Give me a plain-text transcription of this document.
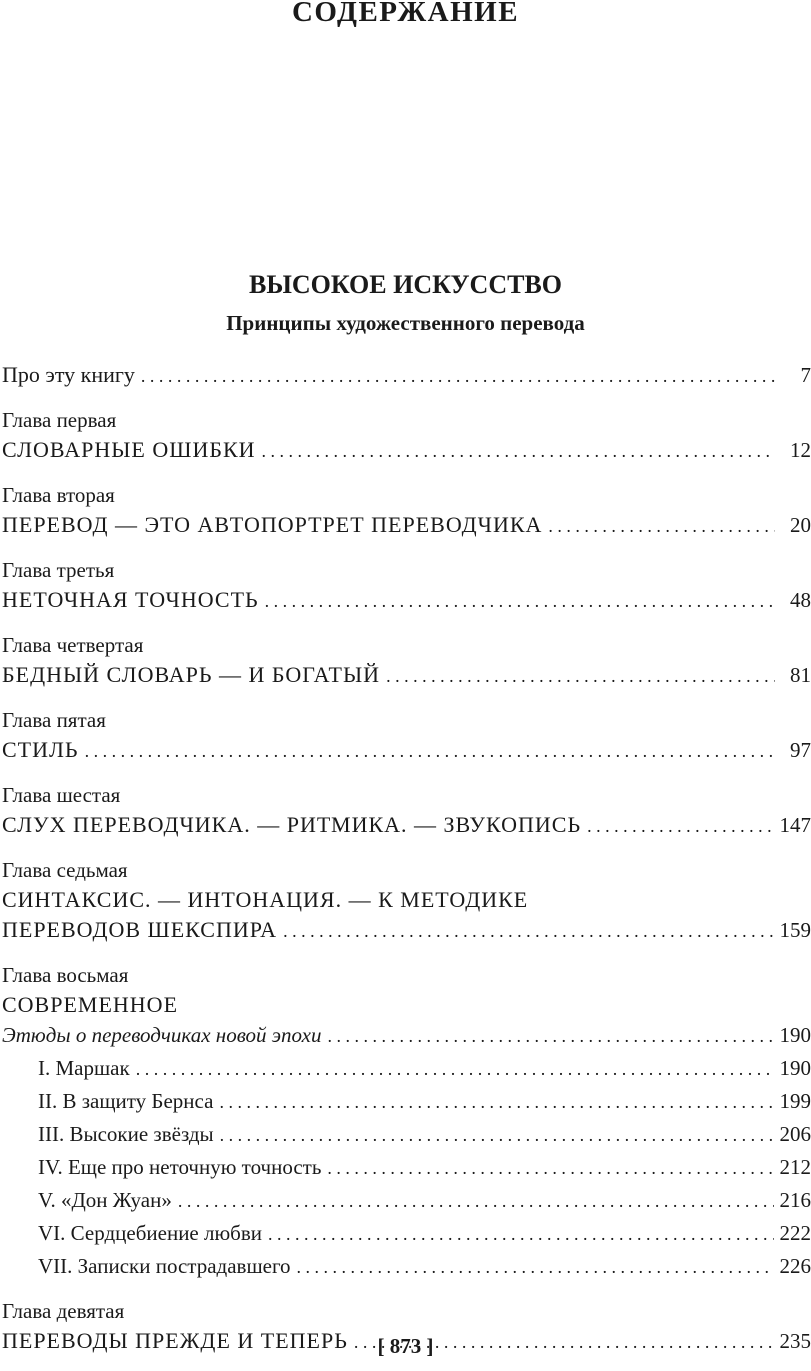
СОДЕРЖАНИЕ
ВЫСОКОЕ ИСКУССТВО
Принципы художественного перевода
Про эту книгу . . .	7
Глава первая
СЛОВАРНЫЕ ОШИБКИ . . .	12
Глава вторая
ПЕРЕВОД — ЭТО АВТОПОРТРЕТ ПЕРЕВОДЧИКА . . .	20
Глава третья
НЕТОЧНАЯ ТОЧНОСТЬ . . .	48
Глава четвертая
БЕДНЫЙ СЛОВАРЬ — И БОГАТЫЙ . . .	81
Глава пятая
СТИЛЬ . . .	97
Глава шестая
СЛУХ ПЕРЕВОДЧИКА. — РИТМИКА. — ЗВУКОПИСЬ . . .	147
Глава седьмая
СИНТАКСИС. — ИНТОНАЦИЯ. — К МЕТОДИКЕ
ПЕРЕВОДОВ ШЕКСПИРА . . .	159
Глава восьмая
СОВРЕМЕННОЕ
Этюды о переводчиках новой эпохи . . .	190
I. Маршак . . .	190
II. В защиту Бернса . . .	199
III. Высокие звёзды . . .	206
IV. Еще про неточную точность . . .	212
V. «Дон Жуан» . . .	216
VI. Сердцебиение любви . . .	222
VII. Записки пострадавшего . . .	226
Глава девятая
ПЕРЕВОДЫ ПРЕЖДЕ И ТЕПЕРЬ . . .	235
[ 873 ]
